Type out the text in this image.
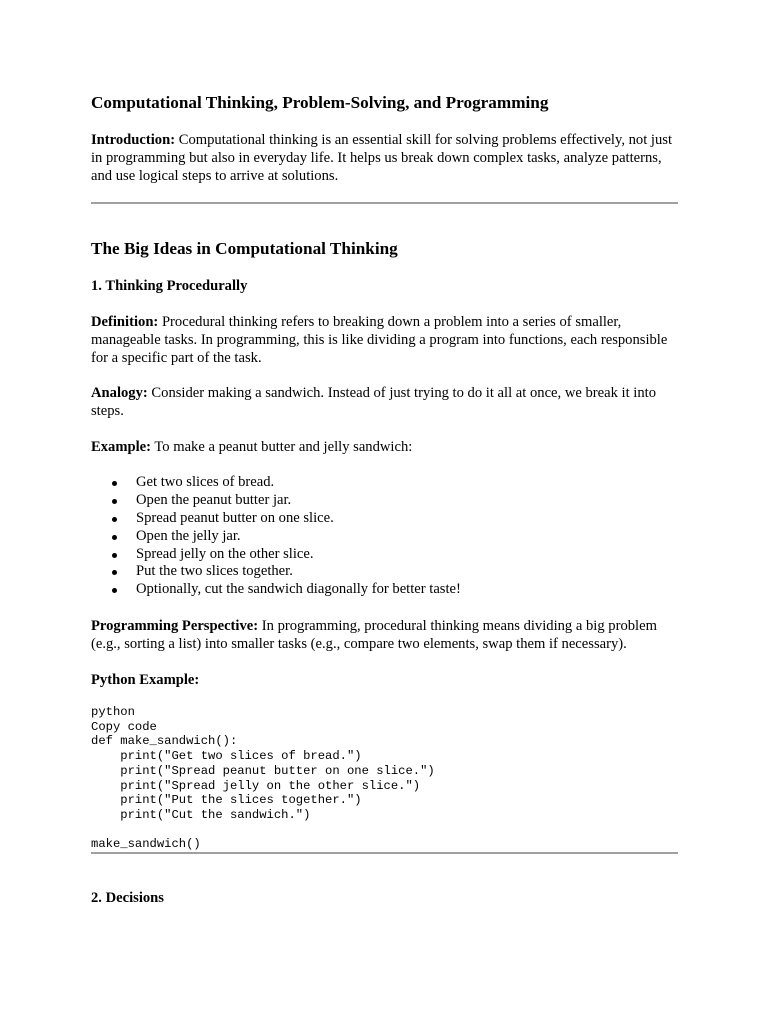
Computational Thinking, Problem-Solving, and Programming

Introduction: Computational thinking is an essential skill for solving problems effectively, not just in programming but also in everyday life. It helps us break down complex tasks, analyze patterns, and use logical steps to arrive at solutions.

The Big Ideas in Computational Thinking
1. Thinking Procedurally

Definition: Procedural thinking refers to breaking down a problem into a series of smaller, manageable tasks. In programming, this is like dividing a program into functions, each responsible for a specific part of the task.

Analogy: Consider making a sandwich. Instead of just trying to do it all at once, we break it into steps.

Example: To make a peanut butter and jelly sandwich:

Get two slices of bread.
Open the peanut butter jar.
Spread peanut butter on one slice.
Open the jelly jar.
Spread jelly on the other slice.
Put the two slices together.
Optionally, cut the sandwich diagonally for better taste!

Programming Perspective: In programming, procedural thinking means dividing a big problem (e.g., sorting a list) into smaller tasks (e.g., compare two elements, swap them if necessary).

Python Example:
python
Copy code
def make_sandwich():
print("Get two slices of bread.")
print("Spread peanut butter on one slice.")
print("Spread jelly on the other slice.")
print("Put the slices together.")
print("Cut the sandwich.")

make_sandwich()
2. Decisions
